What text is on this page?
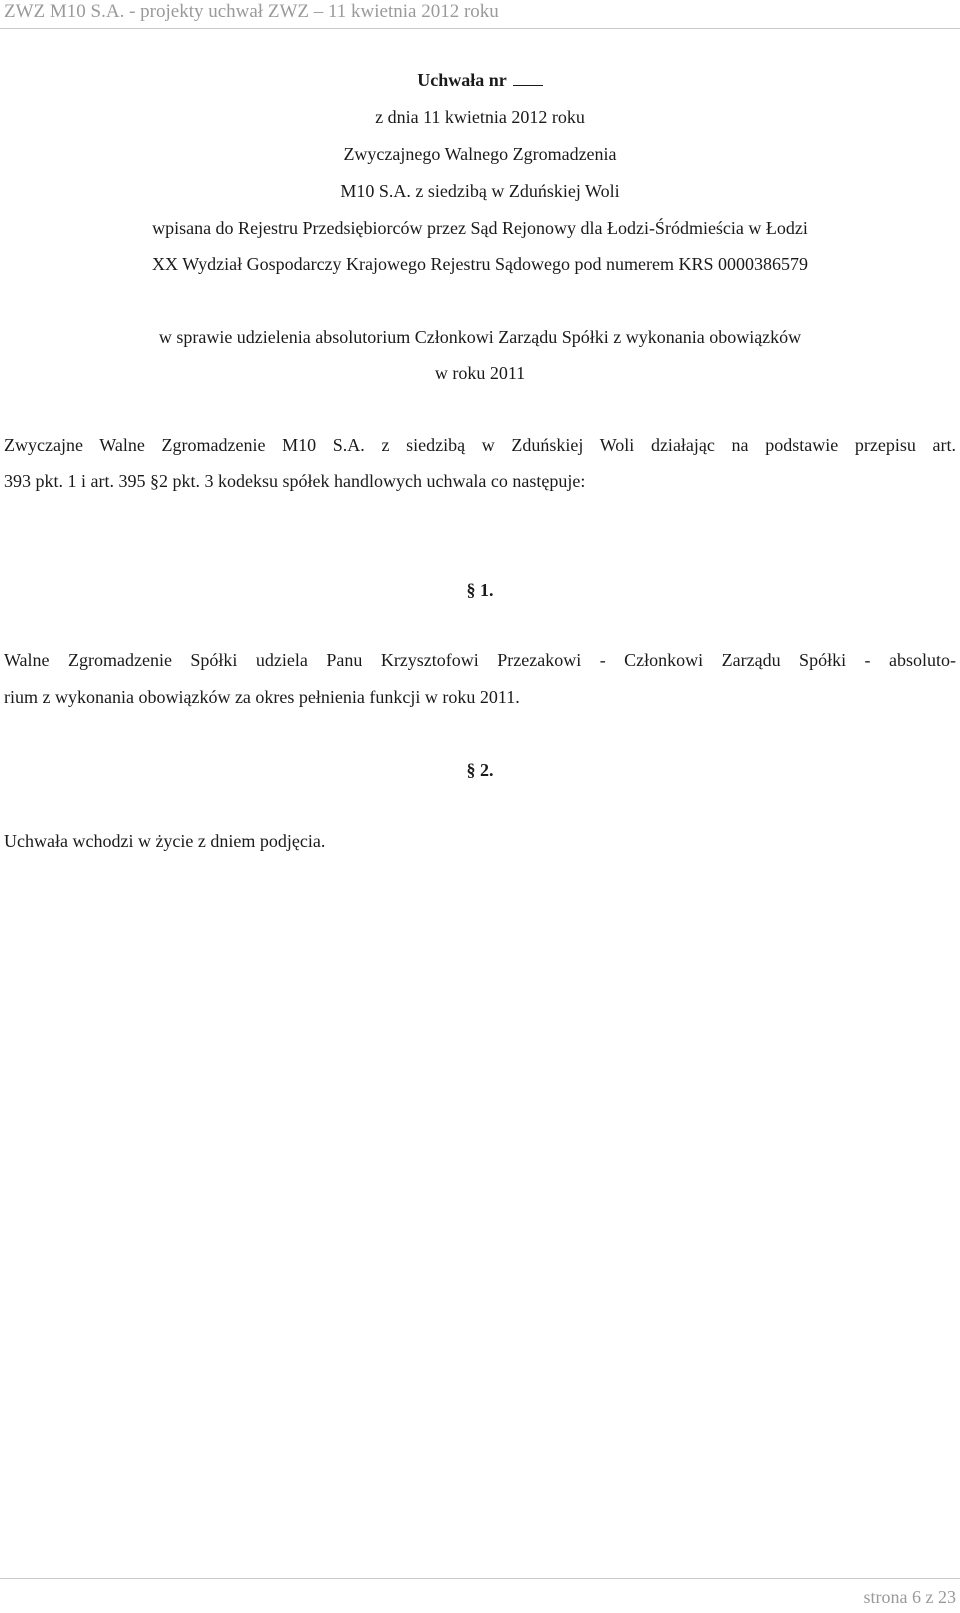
ZWZ M10 S.A. - projekty uchwał ZWZ – 11 kwietnia 2012 roku
Uchwała nr
z dnia 11 kwietnia 2012 roku
Zwyczajnego Walnego Zgromadzenia
M10 S.A. z siedzibą w Zduńskiej Woli
wpisana do Rejestru Przedsiębiorców przez Sąd Rejonowy dla Łodzi-Śródmieścia w Łodzi
XX Wydział Gospodarczy Krajowego Rejestru Sądowego pod numerem KRS 0000386579
w sprawie udzielenia absolutorium Członkowi Zarządu Spółki z wykonania obowiązków
w roku 2011
Zwyczajne Walne Zgromadzenie M10 S.A. z siedzibą w Zduńskiej Woli działając na podstawie przepisu art.
393 pkt. 1 i art. 395 §2 pkt. 3 kodeksu spółek handlowych uchwala co następuje:
§ 1.
Walne Zgromadzenie Spółki udziela Panu Krzysztofowi Przezakowi - Członkowi Zarządu Spółki - absoluto-
rium z wykonania obowiązków za okres pełnienia funkcji w roku 2011.
§ 2.
Uchwała wchodzi w życie z dniem podjęcia.
strona 6 z 23
